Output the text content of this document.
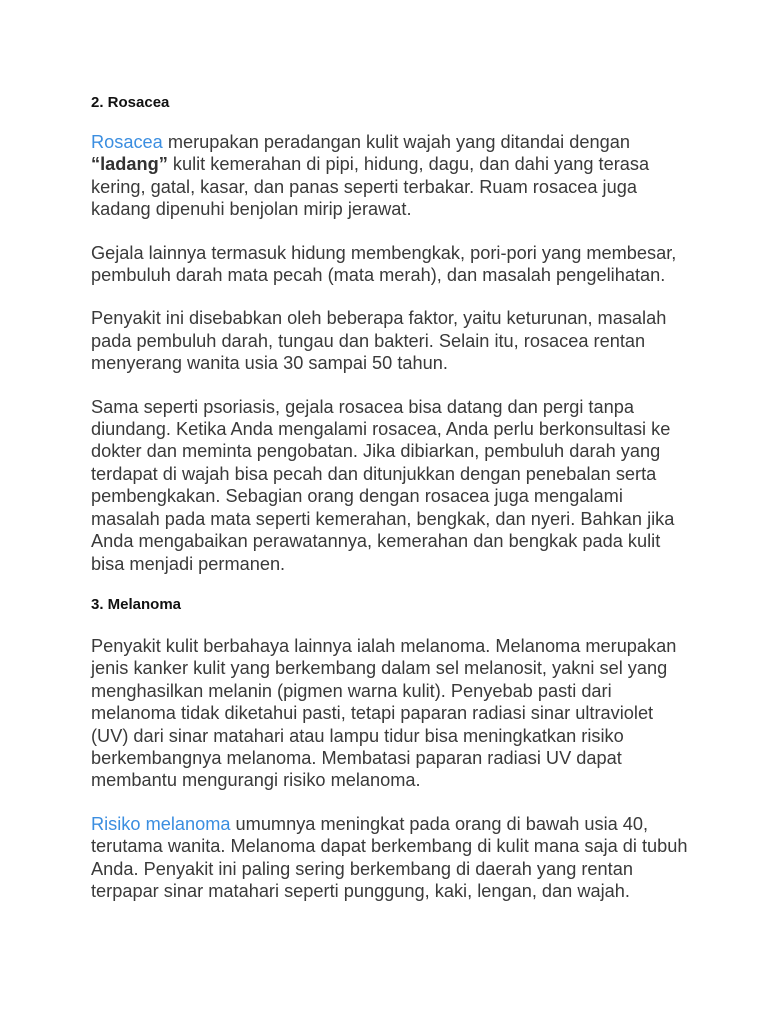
2. Rosacea

Rosacea merupakan peradangan kulit wajah yang ditandai dengan “ladang” kulit kemerahan di pipi, hidung, dagu, dan dahi yang terasa kering, gatal, kasar, dan panas seperti terbakar. Ruam rosacea juga kadang dipenuhi benjolan mirip jerawat.

Gejala lainnya termasuk hidung membengkak, pori-pori yang membesar, pembuluh darah mata pecah (mata merah), dan masalah pengelihatan.

Penyakit ini disebabkan oleh beberapa faktor, yaitu keturunan, masalah pada pembuluh darah, tungau dan bakteri. Selain itu, rosacea rentan menyerang wanita usia 30 sampai 50 tahun.

Sama seperti psoriasis, gejala rosacea bisa datang dan pergi tanpa diundang. Ketika Anda mengalami rosacea, Anda perlu berkonsultasi ke dokter dan meminta pengobatan. Jika dibiarkan, pembuluh darah yang terdapat di wajah bisa pecah dan ditunjukkan dengan penebalan serta pembengkakan. Sebagian orang dengan rosacea juga mengalami masalah pada mata seperti kemerahan, bengkak, dan nyeri. Bahkan jika Anda mengabaikan perawatannya, kemerahan dan bengkak pada kulit bisa menjadi permanen.

3. Melanoma

Penyakit kulit berbahaya lainnya ialah melanoma. Melanoma merupakan jenis kanker kulit yang berkembang dalam sel melanosit, yakni sel yang menghasilkan melanin (pigmen warna kulit). Penyebab pasti dari melanoma tidak diketahui pasti, tetapi paparan radiasi sinar ultraviolet (UV) dari sinar matahari atau lampu tidur bisa meningkatkan risiko berkembangnya melanoma. Membatasi paparan radiasi UV dapat membantu mengurangi risiko melanoma.

Risiko melanoma umumnya meningkat pada orang di bawah usia 40, terutama wanita. Melanoma dapat berkembang di kulit mana saja di tubuh Anda. Penyakit ini paling sering berkembang di daerah yang rentan terpapar sinar matahari seperti punggung, kaki, lengan, dan wajah.
